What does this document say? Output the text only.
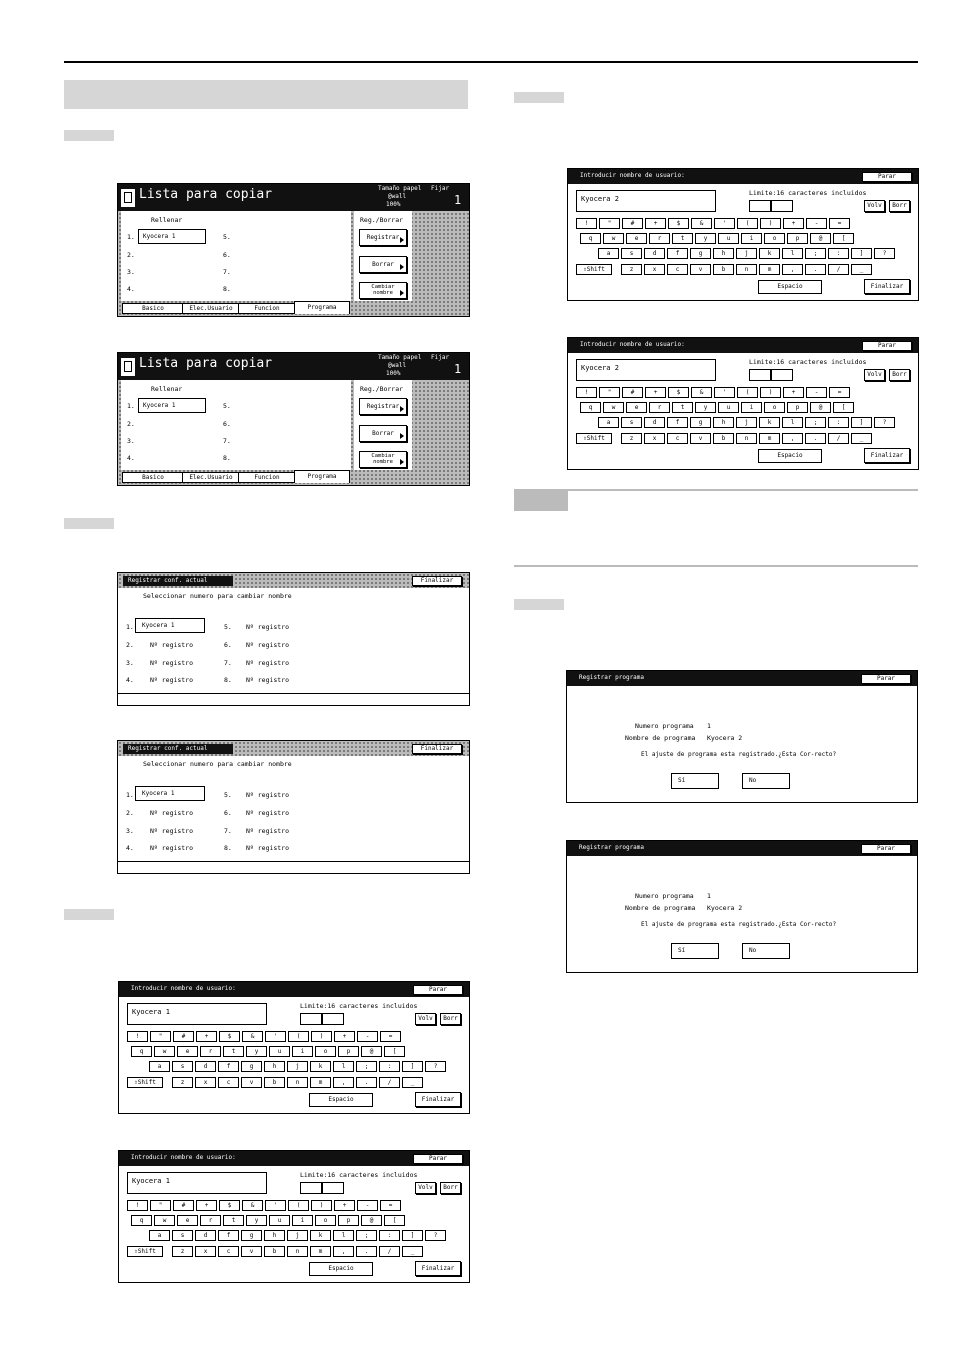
Lista para copiar	Tamaño papel
@wall
100%
Fijar
1
Rellenar
1.
2.
3.
4.
Kyocera 1	5.
6.
7.
8.
Reg./Borrar
Registrar
Borrar
Cambiar nombre
Basico	Elec.Usuario	Funcion	Programa
Lista para copiar	Tamaño papel
@wall
100%
Fijar
1
Rellenar
1.
2.
3.
4.
Kyocera 1	5.
6.
7.
8.
Reg./Borrar
Registrar
Borrar
Cambiar nombre
Basico	Elec.Usuario	Funcion	Programa
Registrar conf. actual	Finalizar
Seleccionar numero para cambiar nombre
1.	Kyocera 1
2. Nº registro
3. Nº registro
4. Nº registro
5. Nº registro
6. Nº registro
7. Nº registro
8. Nº registro
Registrar conf. actual	Finalizar
Seleccionar numero para cambiar nombre
1.	Kyocera 1
2. Nº registro
3. Nº registro
4. Nº registro
5. Nº registro
6. Nº registro
7. Nº registro
8. Nº registro
Introducir nombre de usuario:	Parar
Kyocera 1
Limite:16 caracteres incluidos
Volv	Borr
!	"	#	+	$	&	'	(	)	+	-	=
q	w	e	r	t	y	u	i	o	p	@	[
a	s	d	f	g	h	j	k	l	;	:	]	?
z	x	c	v	b	n	m	,	.	/	_
⇧ Shift
Espacio	Finalizar
Introducir nombre de usuario:	Parar
Kyocera 1
Limite:16 caracteres incluidos
Volv	Borr
!	"	#	+	$	&	'	(	)	+	-	=
q	w	e	r	t	y	u	i	o	p	@	[
a	s	d	f	g	h	j	k	l	;	:	]	?
z	x	c	v	b	n	m	,	.	/	_
⇧ Shift
Espacio	Finalizar
Introducir nombre de usuario:	Parar
Kyocera 2
Limite:16 caracteres incluidos
Volv	Borr
!	"	#	+	$	&	'	(	)	+	-	=
q	w	e	r	t	y	u	i	o	p	@	[
a	s	d	f	g	h	j	k	l	;	:	]	?
z	x	c	v	b	n	m	,	.	/	_
⇧ Shift
Espacio	Finalizar
Introducir nombre de usuario:	Parar
Kyocera 2
Limite:16 caracteres incluidos
Volv	Borr
!	"	#	+	$	&	'	(	)	+	-	=
q	w	e	r	t	y	u	i	o	p	@	[
a	s	d	f	g	h	j	k	l	;	:	]	?
z	x	c	v	b	n	m	,	.	/	_
⇧ Shift
Espacio	Finalizar
Registrar programa	Parar
Numero programa 1
Nombre de programa Kyocera 2
El ajuste de programa esta registrado.¿Esta Cor-recto?
Sí	No
Registrar programa	Parar
Numero programa 1
Nombre de programa Kyocera 2
El ajuste de programa esta registrado.¿Esta Cor-recto?
Sí	No
